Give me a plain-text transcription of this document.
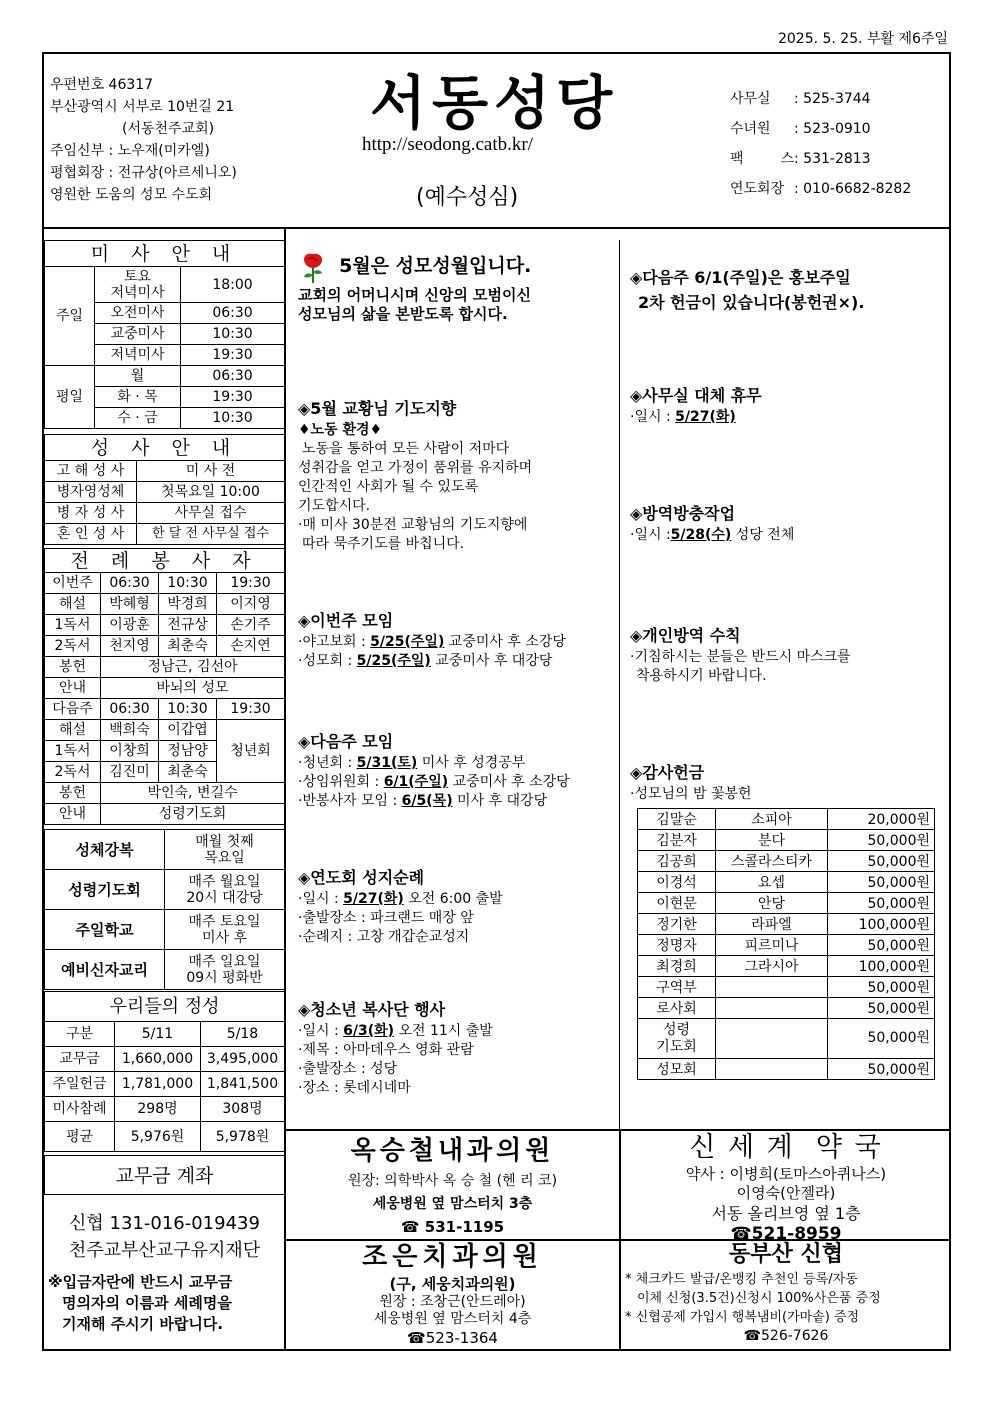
2025. 5. 25. 부활 제6주일
우편번호 46317
부산광역시 서부로 10번길 21
(서동천주교회)
주임신부 : 노우재(미카엘)
평협회장 : 전규상(아르세니오)
영원한 도움의 성모 수도회
서동성당
http://seodong.catb.kr/
(예수성심)
사무실 : 525-3744
수녀원 : 523-0910
팩 스: 531-2813
연도회장 : 010-6682-8282
미 사 안 내		
주일	토요
저녁미사	18:00
	오전미사	06:30
	교중미사	10:30
	저녁미사	19:30
평일	월	06:30
	화 · 목	19:30
	수 · 금	10:30
성 사 안 내	
고 해 성 사	미 사 전
병자영성체	첫목요일 10:00
병 자 성 사	사무실 접수
혼 인 성 사	한 달 전 사무실 접수
전 례 봉 사 자			
이번주	06:30	10:30	19:30
해설	박혜형	박경희	이지영
1독서	이광훈	전규상	손기주
2독서	천지영	최춘숙	손지연
봉헌	정남근, 김선아		
안내	바뇌의 성모		
다음주	06:30	10:30	19:30
해설	백희숙	이갑엽	청년회
1독서	이창희	정남양	
2독서	김진미	최춘숙	
봉헌	박인숙, 변길수		
안내	성령기도회		
성체강복	매월 첫째
목요일
성령기도회	매주 월요일
20시 대강당
주일학교	매주 토요일
미사 후
예비신자교리	매주 일요일
09시 평화반
우리들의 정성		
구분	5/11	5/18
교무금	1,660,000	3,495,000
주일헌금	1,781,000	1,841,500
미사참례	298명	308명
평균	5,976원	5,978원
교무금 계좌
신협 131-016-019439
천주교부산교구유지재단
※입금자란에 반드시 교무금
명의자의 이름과 세례명을
기재해 주시기 바랍니다.
5월은 성모성월입니다.

교회의 어머니시며 신앙의 모범이신

성모님의 삶을 본받도록 합시다.

◈5월 교황님 기도지향

♦노동 환경♦

노동을 통하여 모든 사람이 저마다

성취감을 얻고 가정이 품위를 유지하며

인간적인 사회가 될 수 있도록

기도합시다.

·매 미사 30분전 교황님의 기도지향에

따라 묵주기도를 바칩니다.

◈이번주 모임

·야고보회 : 5/25(주일) 교중미사 후 소강당

·성모회 : 5/25(주일) 교중미사 후 대강당

◈다음주 모임

·청년회 : 5/31(토) 미사 후 성경공부

·상임위원회 : 6/1(주일) 교중미사 후 소강당

·반봉사자 모임 : 6/5(목) 미사 후 대강당

◈연도회 성지순례

·일시 : 5/27(화) 오전 6:00 출발

·출발장소 : 파크랜드 매장 앞

·순례지 : 고창 개갑순교성지

◈청소년 복사단 행사

·일시 : 6/3(화) 오전 11시 출발

·제목 : 아마데우스 영화 관람

·출발장소 : 성당

·장소 : 롯데시네마

◈다음주 6/1(주일)은 홍보주일
2차 헌금이 있습니다(봉헌권×).
◈사무실 대체 휴무

·일시 : 5/27(화)

◈방역방충작업

·일시 :5/28(수) 성당 전체

◈개인방역 수칙

·기침하시는 분들은 반드시 마스크를

착용하시기 바랍니다.

◈감사헌금

·성모님의 밤 꽃봉헌

김말순	소피아	20,000원
김분자	분다	50,000원
김공희	스콜라스티카	50,000원
이경석	요셉	50,000원
이현문	안당	50,000원
정기한	라파엘	100,000원
정명자	피르미나	50,000원
최경희	그라시아	100,000원
구역부		50,000원
로사회		50,000원
성령
기도회		50,000원
성모회		50,000원
옥승철내과의원
원장: 의학박사 옥 승 철 (헨 리 코)
세웅병원 옆 맘스터치 3층
☎ 531-1195
신 세 계  약 국
약사 : 이병희(토마스아퀴나스)
이영숙(안젤라)
서동 올리브영 옆 1층
☎521-8959
조은치과의원
(구, 세웅치과의원)
원장 : 조창근(안드레아)
세웅병원 옆 맘스터치 4층
☎523-1364
동부산 신협
* 체크카드 발급/온뱅킹 추천인 등록/자동
이체 신청(3.5건)신청시 100%사은품 증정
* 신협공제 가입시 행복냄비(가마솥) 증정
☎526-7626
